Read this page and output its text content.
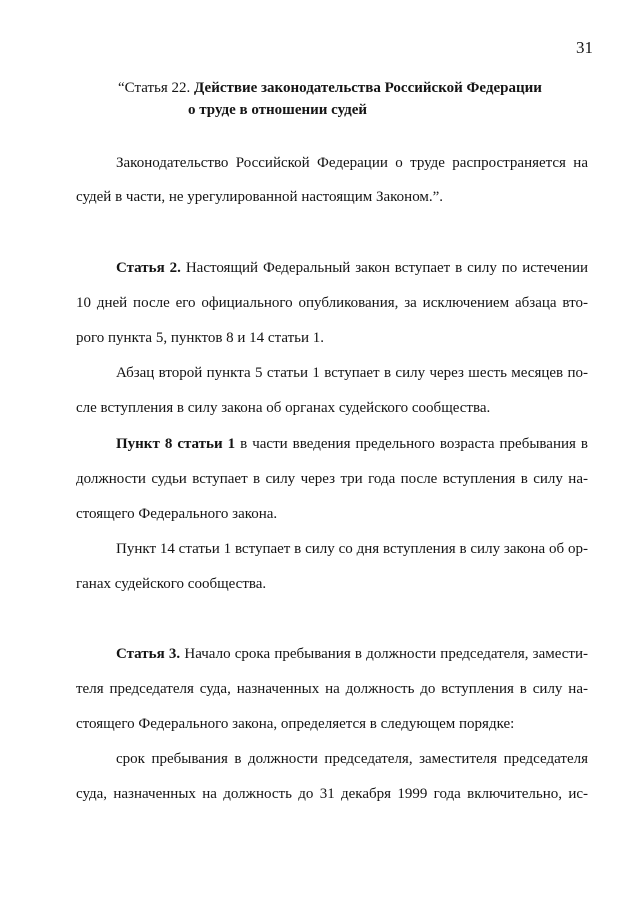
31
“Статья 22. Действие законодательства Российской Федерации
о труде в отношении судей
Законодательство Российской Федерации о труде распространяется на
судей в части, не урегулированной настоящим Законом.”.
Статья 2. Настоящий Федеральный закон вступает в силу по истечении
10 дней после его официального опубликования, за исключением абзаца вто-
рого пункта 5, пунктов 8 и 14 статьи 1.
Абзац второй пункта 5 статьи 1 вступает в силу через шесть месяцев по-
сле вступления в силу закона об органах судейского сообщества.
Пункт 8 статьи 1 в части введения предельного возраста пребывания в
должности судьи вступает в силу через три года после вступления в силу на-
стоящего Федерального закона.
Пункт 14 статьи 1 вступает в силу со дня вступления в силу закона об ор-
ганах судейского сообщества.
Статья 3. Начало срока пребывания в должности председателя, замести-
теля председателя суда, назначенных на должность до вступления в силу на-
стоящего Федерального закона, определяется в следующем порядке:
срок пребывания в должности председателя, заместителя председателя
суда, назначенных на должность до 31 декабря 1999 года включительно, ис-
